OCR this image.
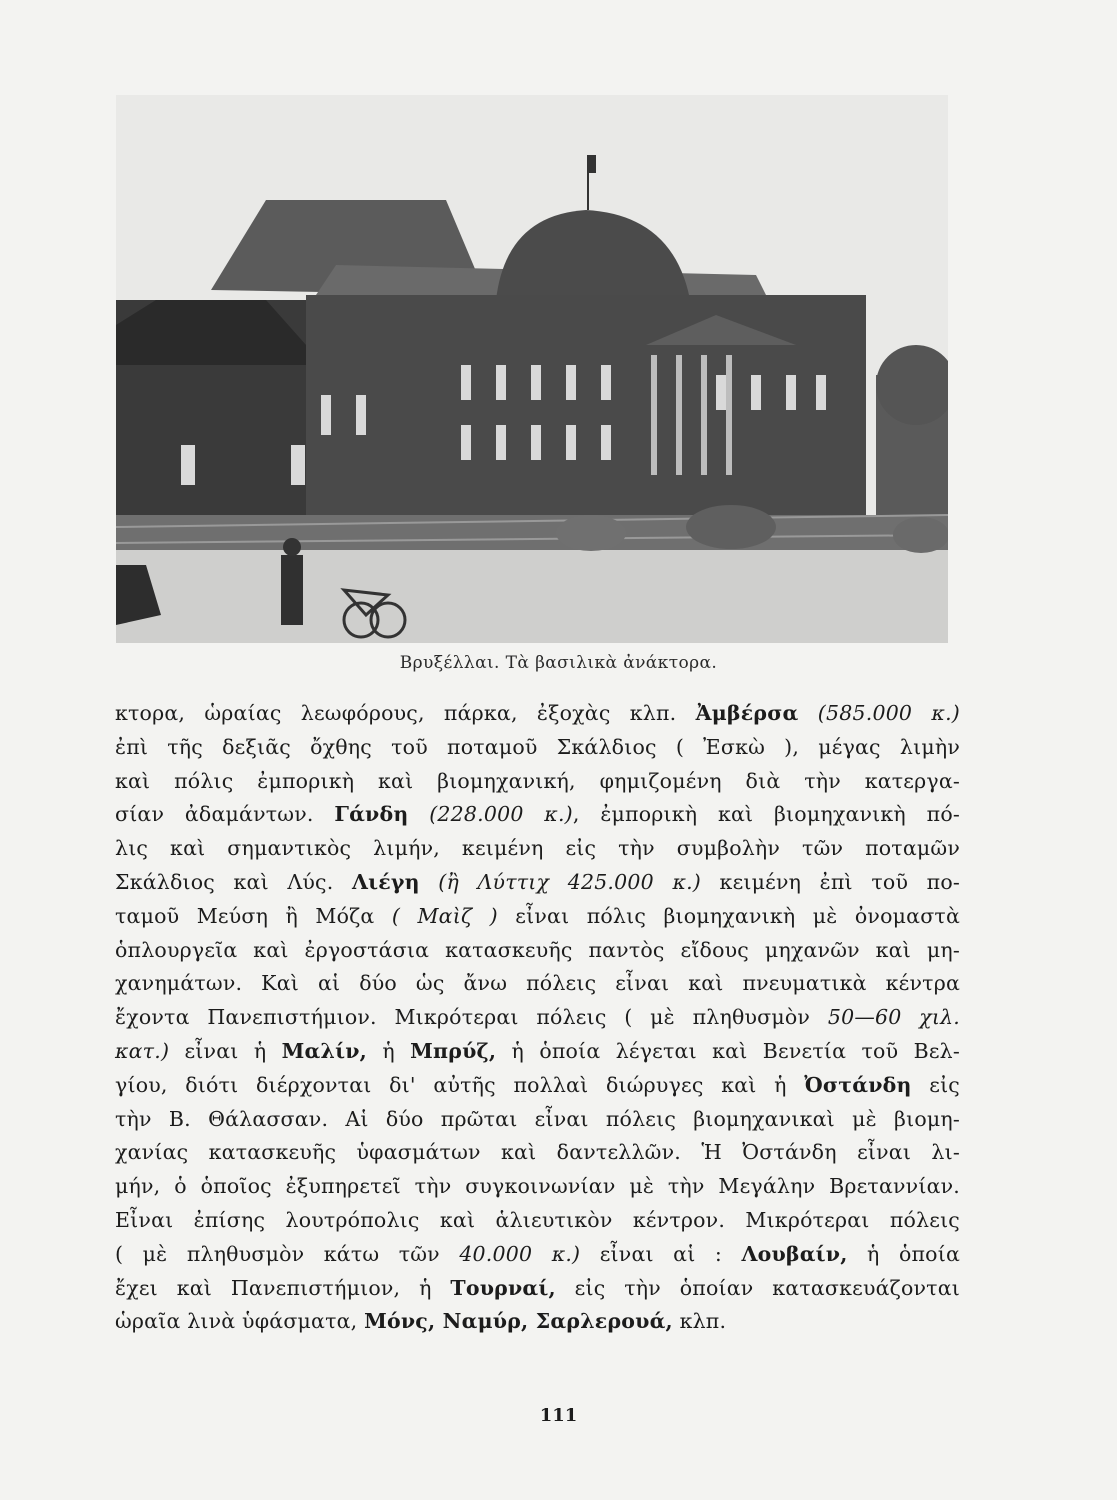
Βρυξέλλαι. Τὰ βασιλικὰ ἀνάκτορα.
κτορα, ὡραίας λεωφόρους, πάρκα, ἐξοχὰς κλπ. Ἀμβέρσα (585.000 κ.)
ἐπὶ τῆς δεξιᾶς ὄχθης τοῦ ποταμοῦ Σκάλδιος ( Ἐσκὼ ), μέγας λιμὴν
καὶ πόλις ἐμπορικὴ καὶ βιομηχανική, φημιζομένη διὰ τὴν κατεργα-
σίαν ἀδαμάντων. Γάνδη (228.000 κ.), ἐμπορικὴ καὶ βιομηχανικὴ πό-
λις καὶ σημαντικὸς λιμήν, κειμένη εἰς τὴν συμβολὴν τῶν ποταμῶν
Σκάλδιος καὶ Λύς. Λιέγη (ἢ Λύττιχ 425.000 κ.) κειμένη ἐπὶ τοῦ πο-
ταμοῦ Μεύση ἢ Μόζα ( Μαὶζ ) εἶναι πόλις βιομηχανικὴ μὲ ὀνομαστὰ
ὁπλουργεῖα καὶ ἐργοστάσια κατασκευῆς παντὸς εἴδους μηχανῶν καὶ μη-
χανημάτων. Καὶ αἱ δύο ὡς ἄνω πόλεις εἶναι καὶ πνευματικὰ κέντρα
ἔχοντα Πανεπιστήμιον. Μικρότεραι πόλεις ( μὲ πληθυσμὸν 50—60 χιλ.
κατ.) εἶναι ἡ Μαλίν, ἡ Μπρύζ, ἡ ὁποία λέγεται καὶ Βενετία τοῦ Βελ-
γίου, διότι διέρχονται δι' αὐτῆς πολλαὶ διώρυγες καὶ ἡ Ὀστάνδη εἰς
τὴν Β. Θάλασσαν. Αἱ δύο πρῶται εἶναι πόλεις βιομηχανικαὶ μὲ βιομη-
χανίας κατασκευῆς ὑφασμάτων καὶ δαντελλῶν. Ἡ Ὀστάνδη εἶναι λι-
μήν, ὁ ὁποῖος ἐξυπηρετεῖ τὴν συγκοινωνίαν μὲ τὴν Μεγάλην Βρεταννίαν.
Εἶναι ἐπίσης λουτρόπολις καὶ ἁλιευτικὸν κέντρον. Μικρότεραι πόλεις
( μὲ πληθυσμὸν κάτω τῶν 40.000 κ.) εἶναι αἱ : Λουβαίν, ἡ ὁποία
ἔχει καὶ Πανεπιστήμιον, ἡ Τουρναί, εἰς τὴν ὁποίαν κατασκευάζονται
ὡραῖα λινὰ ὑφάσματα, Μόνς, Ναμύρ, Σαρλερουά, κλπ.
111
